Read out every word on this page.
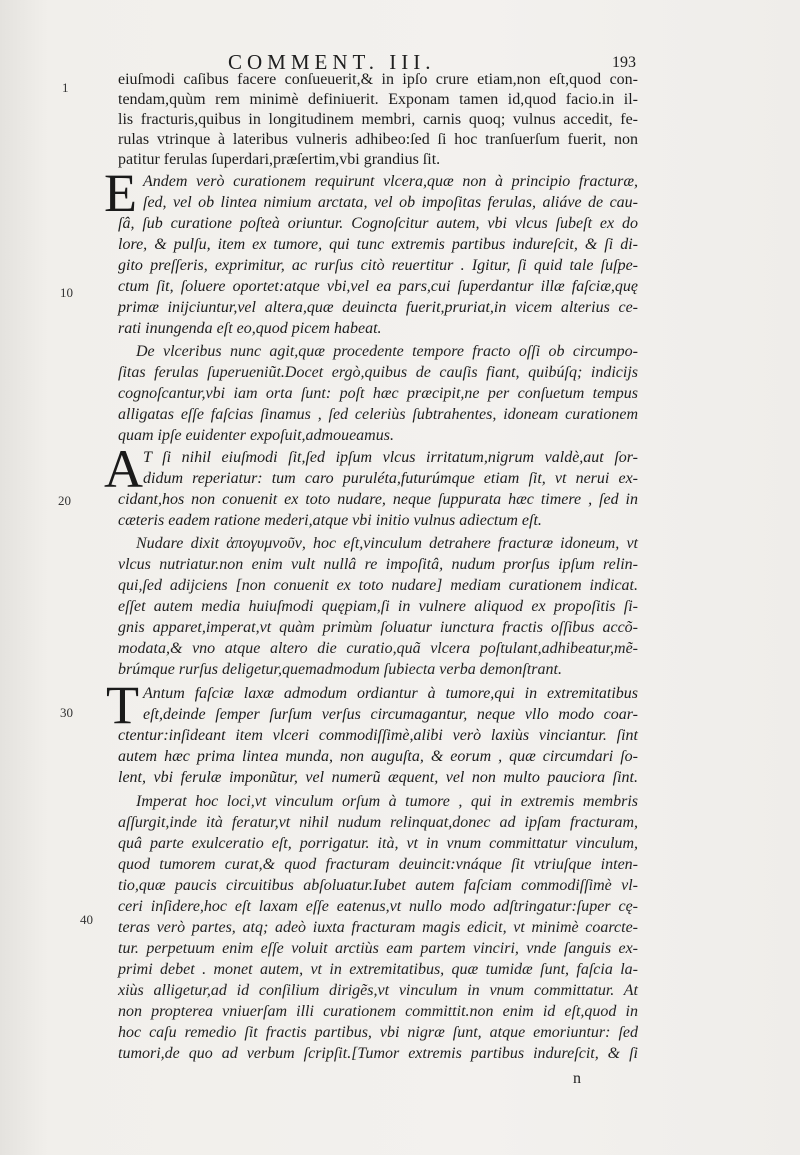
COMMENT. III.	193
eiuſmodi caſibus facere conſueuerit,& in ipſo crure etiam,non eſt,quod con-
tendam,quùm rem minimè definiuerit. Exponam tamen id,quod facio.in il-
lis fracturis,quibus in longitudinem membri, carnis quoq; vulnus accedit, fe-
rulas vtrinque à lateribus vulneris adhibeo:ſed ſi hoc tranſuerſum fuerit, non
patitur ferulas ſuperdari,præſertim,vbi grandius ſit.
Andem verò curationem requirunt vlcera,quæ non à principio fracturæ,
ſed, vel ob lintea nimium arctata, vel ob impoſitas ferulas, aliáve de cau-
ſâ, ſub curatione poſteà oriuntur. Cognoſcitur autem, vbi vlcus ſubeſt ex do
lore, & pulſu, item ex tumore, qui tunc extremis partibus indureſcit, & ſi di-
gito preſſeris, exprimitur, ac rurſus citò reuertitur . Igitur, ſi quid tale ſuſpe-
ctum ſit, ſoluere oportet:atque vbi,vel ea pars,cui ſuperdantur illæ faſciæ,quę
primæ inijciuntur,vel altera,quæ deuincta fuerit,pruriat,in vicem alterius ce-
rati inungenda eſt eo,quod picem habeat.
De vlceribus nunc agit,quæ procedente tempore fracto oſſi ob circumpo-
ſitas ferulas ſuperueniũt.Docet ergò,quibus de cauſis fiant, quibúſq; indicijs
cognoſcantur,vbi iam orta ſunt: poſt hæc præcipit,ne per conſuetum tempus
alligatas eſſe faſcias ſinamus , ſed celeriùs ſubtrahentes, idoneam curationem
quam ipſe euidenter expoſuit,admoueamus.
T ſi nihil eiuſmodi ſit,ſed ipſum vlcus irritatum,nigrum valdè,aut ſor-
didum reperiatur: tum caro puruléta,futurúmque etiam ſit, vt nerui ex-
cidant,hos non conuenit ex toto nudare, neque ſuppurata hæc timere , ſed in
cæteris eadem ratione mederi,atque vbi initio vulnus adiectum eſt.
Nudare dixit ἀπογυμνοῦν, hoc eſt,vinculum detrahere fracturæ idoneum, vt
vlcus nutriatur.non enim vult nullâ re impoſitâ, nudum prorſus ipſum relin-
qui,ſed adijciens [non conuenit ex toto nudare] mediam curationem indicat.
eſſet autem media huiuſmodi quępiam,ſi in vulnere aliquod ex propoſitis ſi-
gnis apparet,imperat,vt quàm primùm ſoluatur iunctura fractis oſſibus accõ-
modata,& vno atque altero die curatio,quã vlcera poſtulant,adhibeatur,mẽ-
brúmque rurſus deligetur,quemadmodum ſubiecta verba demonſtrant.
Antum faſciæ laxæ admodum ordiantur à tumore,qui in extremitatibus
eſt,deinde ſemper ſurſum verſus circumagantur, neque vllo modo coar-
ctentur:inſideant item vlceri commodiſſimè,alibi verò laxiùs vinciantur. ſint
autem hæc prima lintea munda, non auguſta, & eorum , quæ circumdari ſo-
lent, vbi ferulæ imponũtur, vel numerũ æquent, vel non multo pauciora ſint.
Imperat hoc loci,vt vinculum orſum à tumore , qui in extremis membris
aſſurgit,inde ità feratur,vt nihil nudum relinquat,donec ad ipſam fracturam,
quâ parte exulceratio eſt, porrigatur. ità, vt in vnum committatur vinculum,
quod tumorem curat,& quod fracturam deuincit:vnáque ſit vtriuſque inten-
tio,quæ paucis circuitibus abſoluatur.Iubet autem faſciam commodiſſimè vl-
ceri inſidere,hoc eſt laxam eſſe eatenus,vt nullo modo adſtringatur:ſuper cę-
teras verò partes, atq; adeò iuxta fracturam magis edicit, vt minimè coarcte-
tur. perpetuum enim eſſe voluit arctiùs eam partem vinciri, vnde ſanguis ex-
primi debet . monet autem, vt in extremitatibus, quæ tumidæ ſunt, faſcia la-
xiùs alligetur,ad id conſilium dirigẽs,vt vinculum in vnum committatur. At
non propterea vniuerſam illi curationem committit.non enim id eſt,quod in
hoc caſu remedio ſit fractis partibus, vbi nigræ ſunt, atque emoriuntur: ſed
tumori,de quo ad verbum ſcripſit.[Tumor extremis partibus indureſcit, & ſi
E
A
T
1
10
20
30
40
n
